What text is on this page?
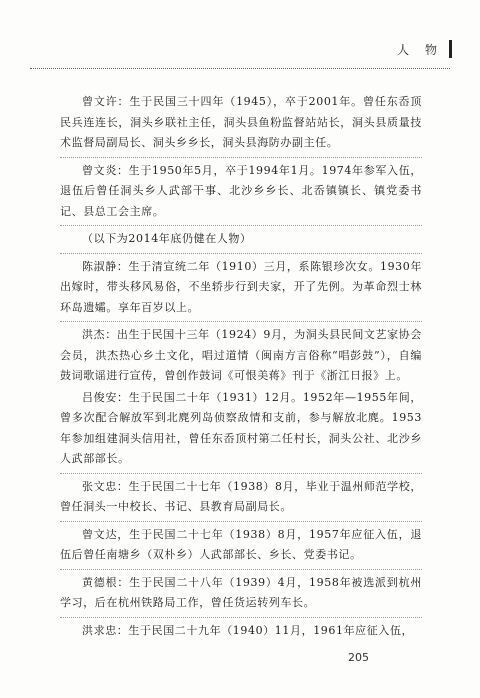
人 物

曾文许：生于民国三十四年（1945），卒于2001年。曾任东岙顶民兵连连长，洞头乡联社主任，洞头县鱼粉监督站站长，洞头县质量技术监督局副局长、洞头乡乡长，洞头县海防办副主任。

曾文炎：生于1950年5月，卒于1994年1月。1974年参军入伍，退伍后曾任洞头乡人武部干事、北沙乡乡长、北岙镇镇长、镇党委书记、县总工会主席。

（以下为2014年底仍健在人物）

陈淑静：生于清宣统二年（1910）三月，系陈银珍次女。1930年出嫁时，带头移风易俗，不坐轿步行到夫家，开了先例。为革命烈士林环岛遗孀。享年百岁以上。

洪杰：出生于民国十三年（1924）9月，为洞头县民间文艺家协会会员，洪杰热心乡土文化，唱过道情（闽南方言俗称“唱彭鼓”），自编鼓词歌谣进行宣传，曾创作鼓词《可恨美蒋》刊于《浙江日报》上。

吕俊安：生于民国二十年（1931）12月。1952年—1955年间，曾多次配合解放军到北麂列岛侦察敌情和支前，参与解放北麂。1953年参加组建洞头信用社，曾任东岙顶村第二任村长，洞头公社、北沙乡人武部部长。

张文忠：生于民国二十七年（1938）8月，毕业于温州师范学校，曾任洞头一中校长、书记、县教育局副局长。

曾文达，生于民国二十七年（1938）8月，1957年应征入伍，退伍后曾任南塘乡（双朴乡）人武部部长、乡长、党委书记。

黄德根：生于民国二十八年（1939）4月，1958年被选派到杭州学习，后在杭州铁路局工作，曾任货运转列车长。

洪求忠：生于民国二十九年（1940）11月，1961年应征入伍，

205
